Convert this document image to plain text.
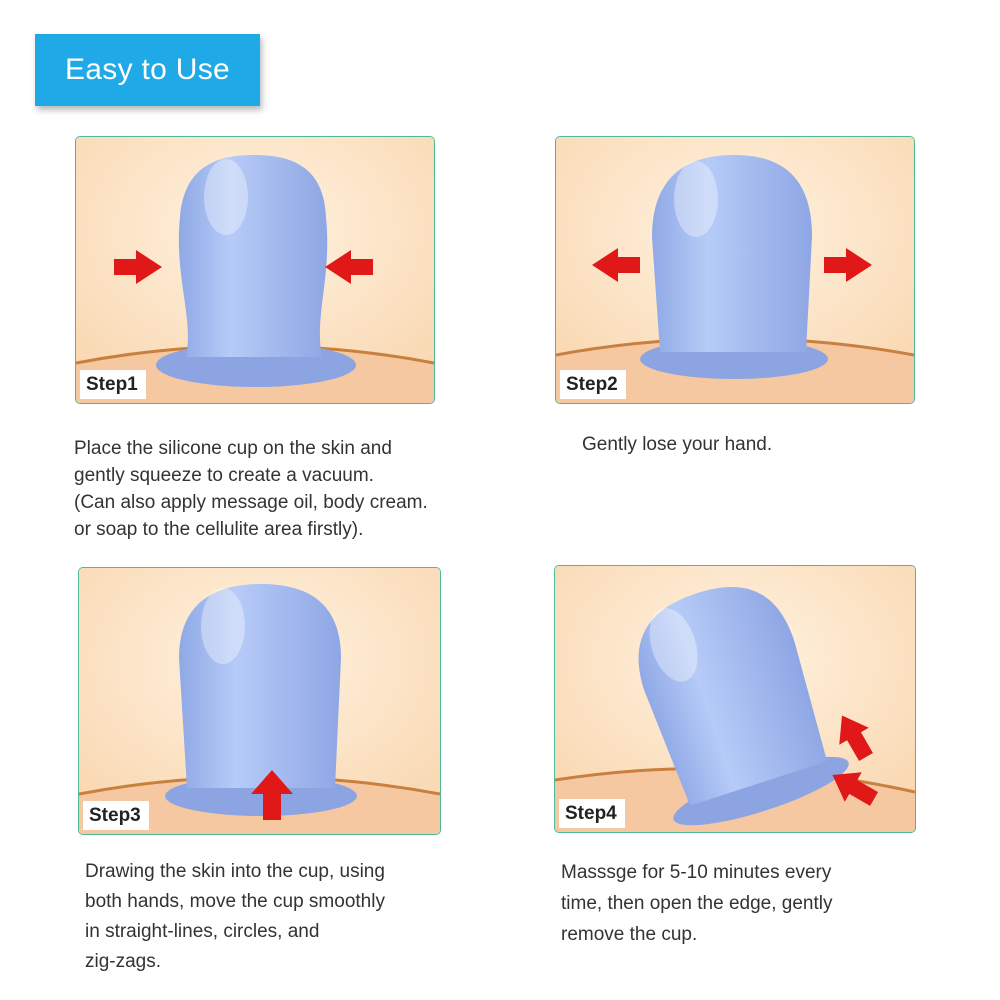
Easy to Use
Step1

Place the silicone cup on the skin and
gently squeeze to create a vacuum.
(Can also apply message oil, body cream.
or soap to the cellulite area firstly).

Step2

Gently lose your hand.

Step3

Drawing the skin into the cup, using
both hands, move the cup smoothly
in straight-lines, circles, and
zig-zags.

Step4

Masssge for 5-10 minutes every
time, then open the edge, gently
remove the cup.
